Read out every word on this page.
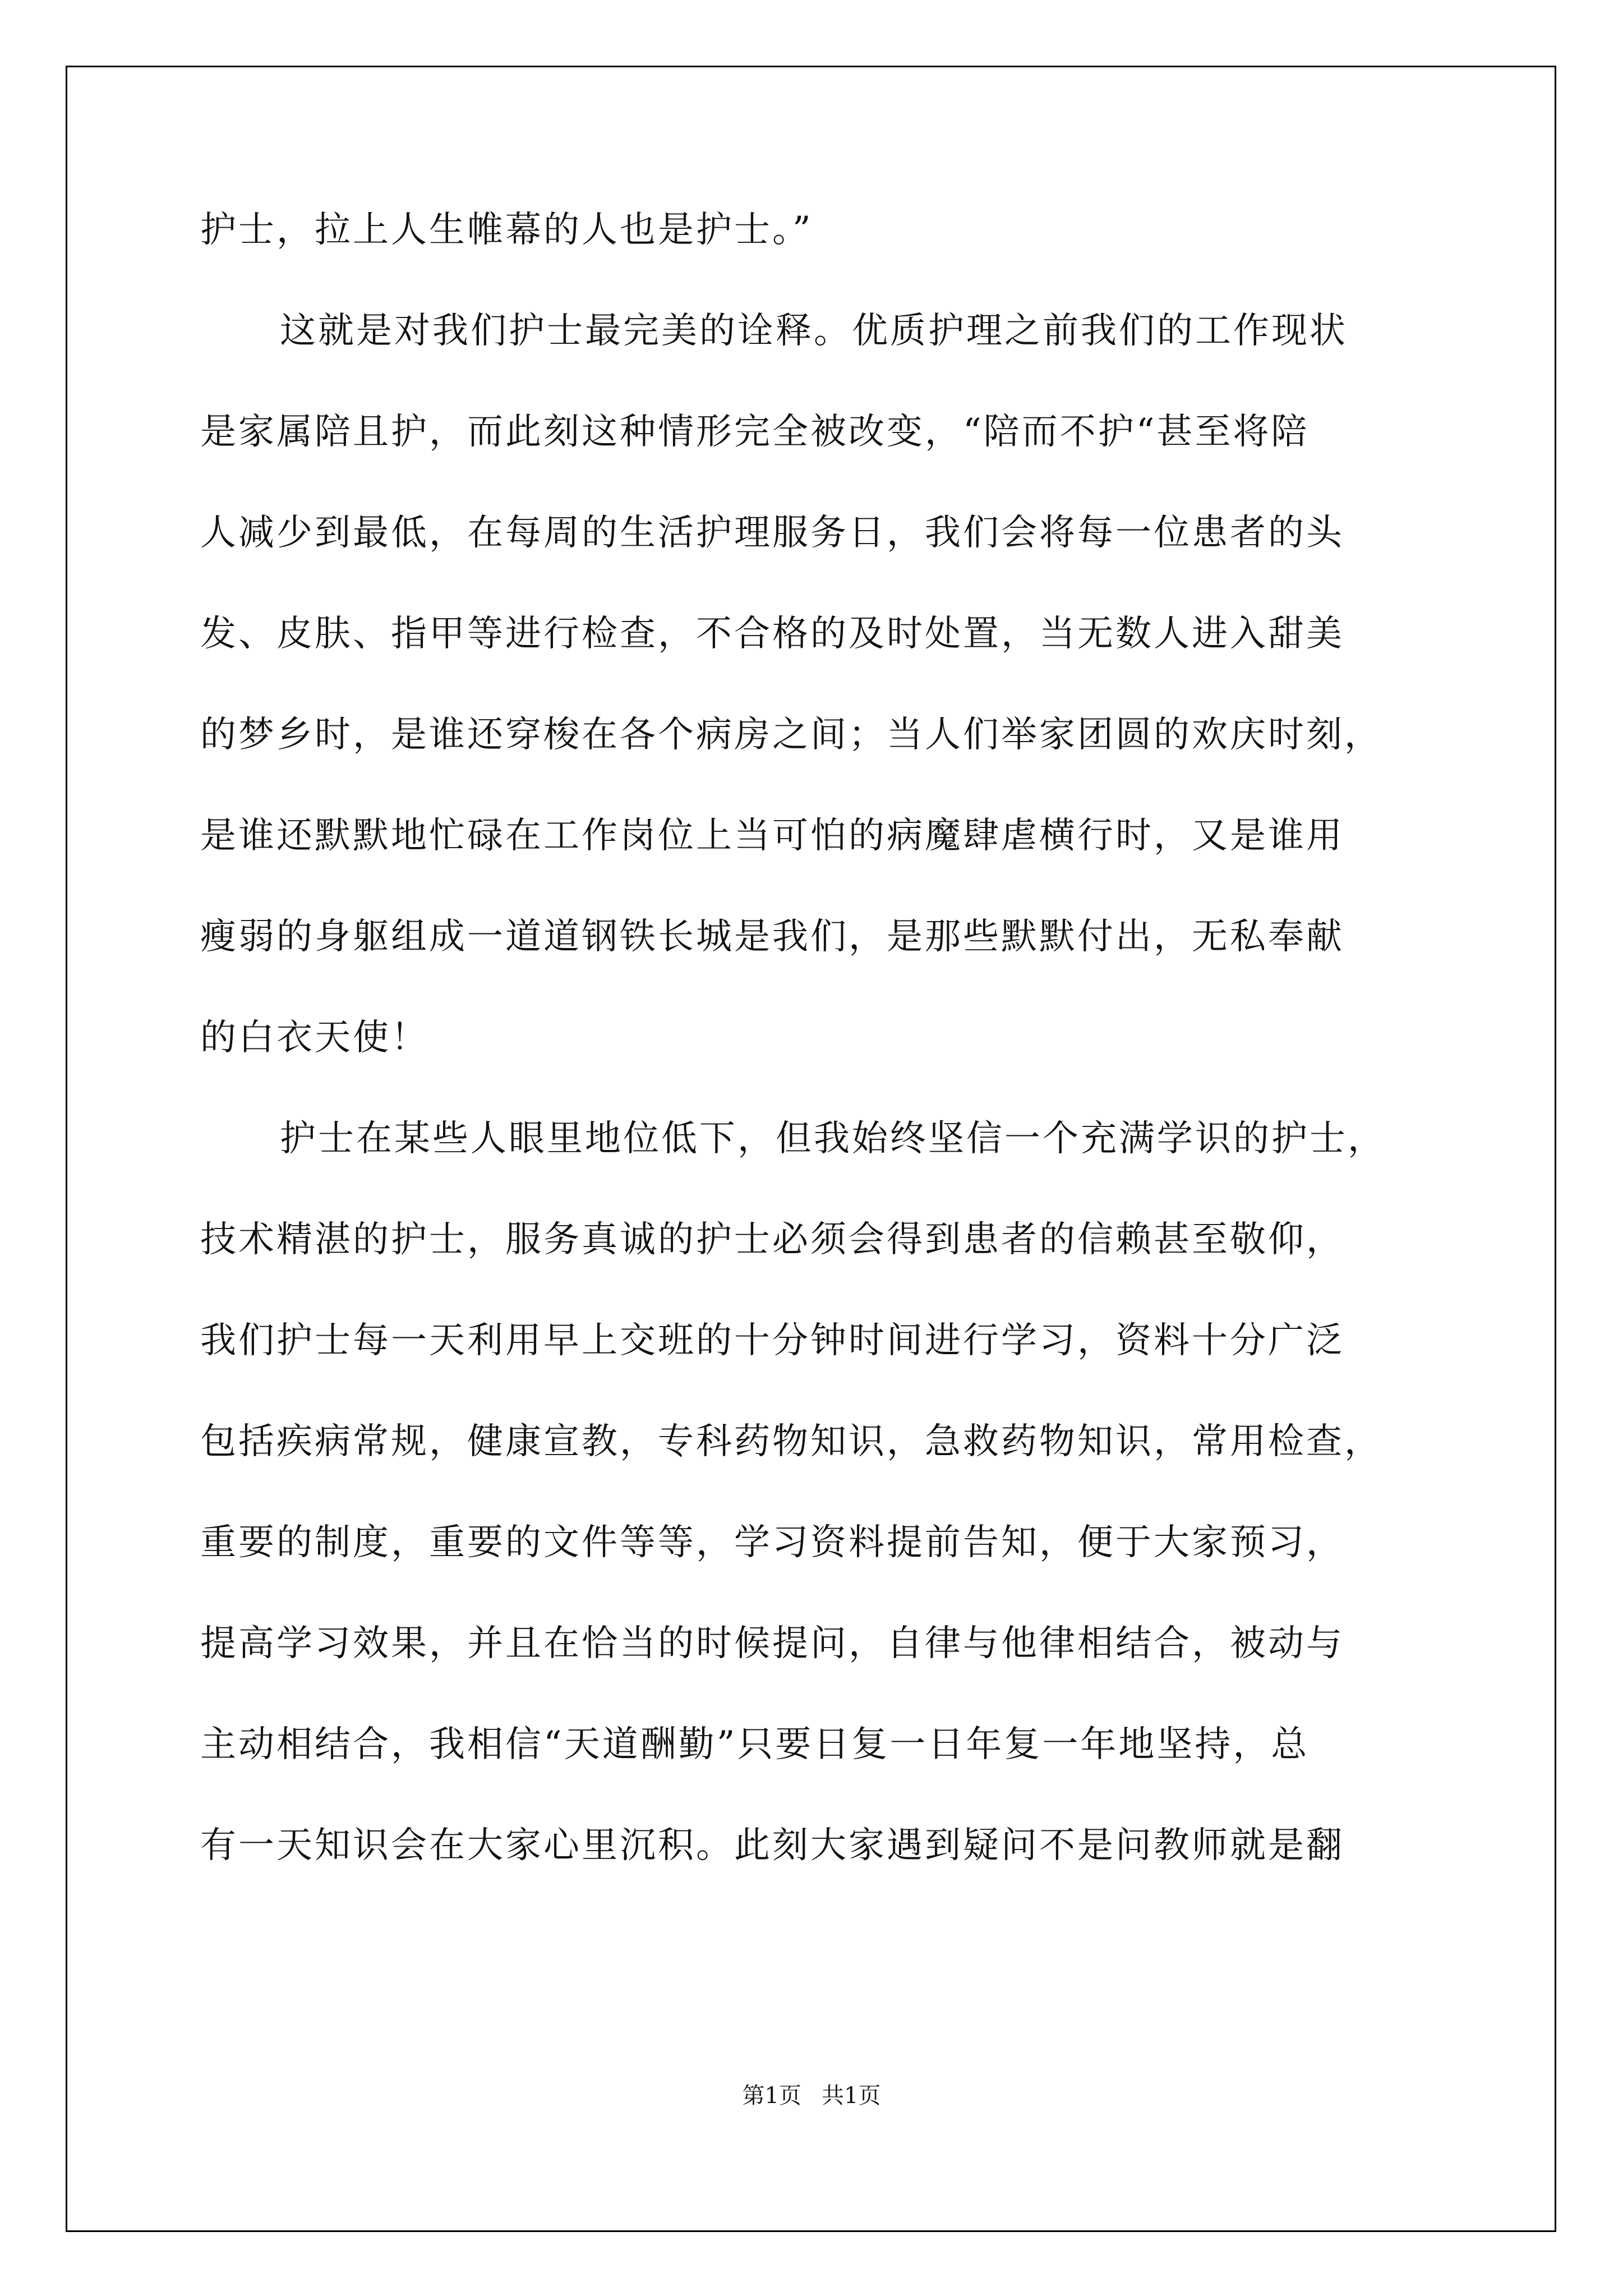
护士，拉上人生帷幕的人也是护士。”
这就是对我们护士最完美的诠释。优质护理之前我们的工作现状
是家属陪且护，而此刻这种情形完全被改变，“陪而不护“甚至将陪
人减少到最低，在每周的生活护理服务日，我们会将每一位患者的头
发、皮肤、指甲等进行检查，不合格的及时处置，当无数人进入甜美
的梦乡时，是谁还穿梭在各个病房之间；当人们举家团圆的欢庆时刻，
是谁还默默地忙碌在工作岗位上当可怕的病魔肆虐横行时，又是谁用
瘦弱的身躯组成一道道钢铁长城是我们，是那些默默付出，无私奉献
的白衣天使！
护士在某些人眼里地位低下，但我始终坚信一个充满学识的护士，
技术精湛的护士，服务真诚的护士必须会得到患者的信赖甚至敬仰，
我们护士每一天利用早上交班的十分钟时间进行学习，资料十分广泛
包括疾病常规，健康宣教，专科药物知识，急救药物知识，常用检查，
重要的制度，重要的文件等等，学习资料提前告知，便于大家预习，
提高学习效果，并且在恰当的时候提问，自律与他律相结合，被动与
主动相结合，我相信“天道酬勤”只要日复一日年复一年地坚持，总
有一天知识会在大家心里沉积。此刻大家遇到疑问不是问教师就是翻
第1页 共1页
